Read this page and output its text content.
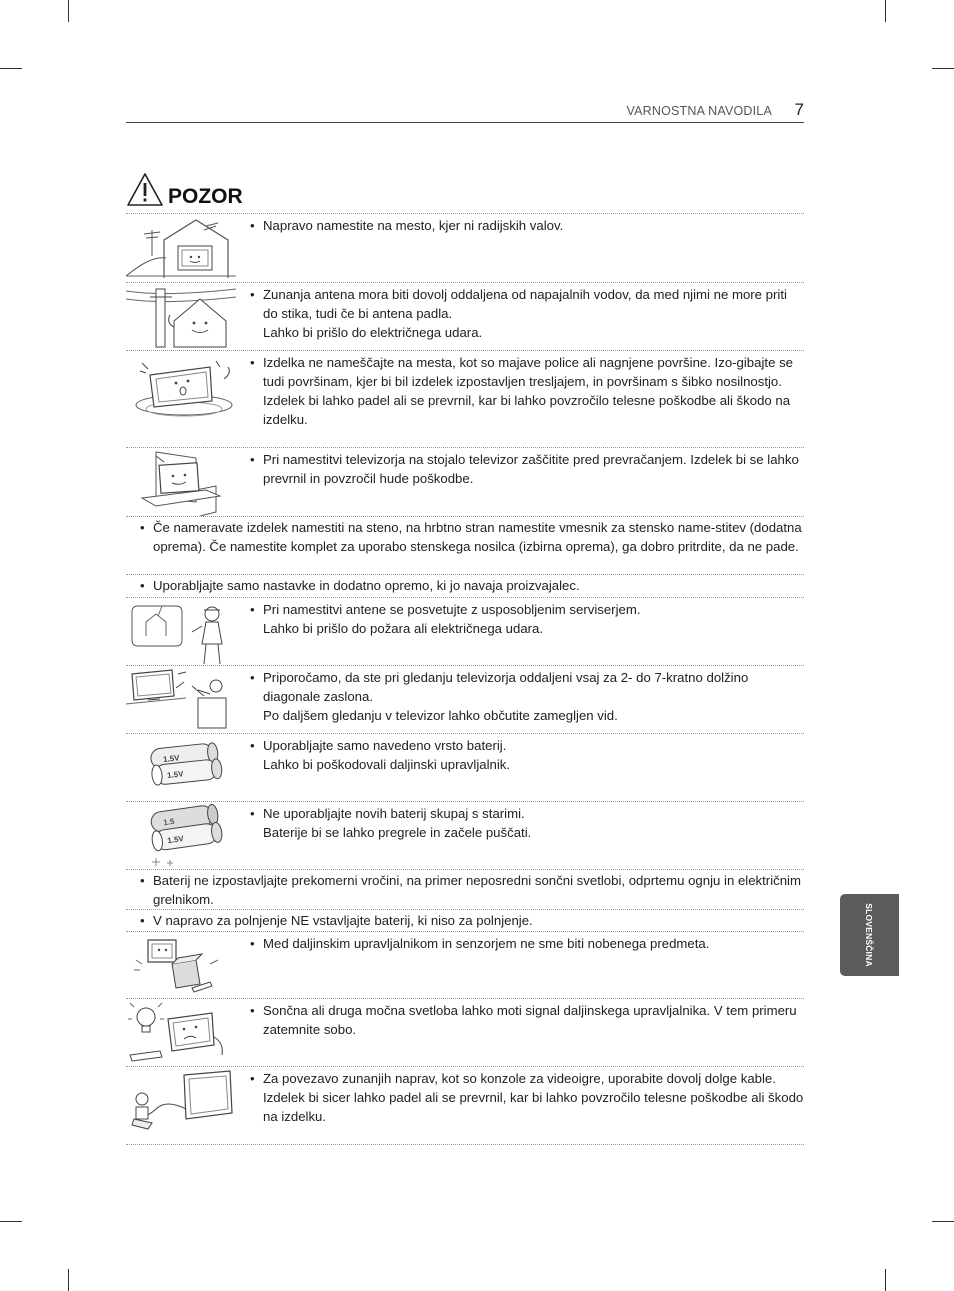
VARNOSTNA NAVODILA 7
POZOR
• Napravo namestite na mesto, kjer ni radijskih valov.

• Zunanja antena mora biti dovolj oddaljena od napajalnih vodov, da med njimi ne more priti do stika, tudi če bi antena padla.

Lahko bi prišlo do električnega udara.

• Izdelka ne nameščajte na mesta, kot so majave police ali nagnjene površine. Izo-gibajte se tudi površinam, kjer bi bil izdelek izpostavljen tresljajem, in površinam s šibko nosilnostjo.

Izdelek bi lahko padel ali se prevrnil, kar bi lahko povzročilo telesne poškodbe ali škodo na izdelku.

• Pri namestitvi televizorja na stojalo televizor zaščitite pred prevračanjem. Izdelek bi se lahko prevrnil in povzročil hude poškodbe.

• Če nameravate izdelek namestiti na steno, na hrbtno stran namestite vmesnik za stensko name-stitev (dodatna oprema). Če namestite komplet za uporabo stenskega nosilca (izbirna oprema), ga dobro pritrdite, da ne pade.

• Uporabljajte samo nastavke in dodatno opremo, ki jo navaja proizvajalec.

• Pri namestitvi antene se posvetujte z usposobljenim serviserjem.

Lahko bi prišlo do požara ali električnega udara.

• Priporočamo, da ste pri gledanju televizorja oddaljeni vsaj za 2- do 7-kratno dolžino diagonale zaslona.

Po daljšem gledanju v televizor lahko občutite zamegljen vid.

1.5V
1.5V
• Uporabljajte samo navedeno vrsto baterij.

Lahko bi poškodovali daljinski upravljalnik.

1.5
1.5V
• Ne uporabljajte novih baterij skupaj s starimi.

Baterije bi se lahko pregrele in začele puščati.

• Baterij ne izpostavljajte prekomerni vročini, na primer neposredni sončni svetlobi, odprtemu ognju in električnim grelnikom.

• V napravo za polnjenje NE vstavljajte baterij, ki niso za polnjenje.

• Med daljinskim upravljalnikom in senzorjem ne sme biti nobenega predmeta.

• Sončna ali druga močna svetloba lahko moti signal daljinskega upravljalnika. V tem primeru zatemnite sobo.

• Za povezavo zunanjih naprav, kot so konzole za videoigre, uporabite dovolj dolge kable.

Izdelek bi sicer lahko padel ali se prevrnil, kar bi lahko povzročilo telesne poškodbe ali škodo na izdelku.

SLOVENŠČINA
